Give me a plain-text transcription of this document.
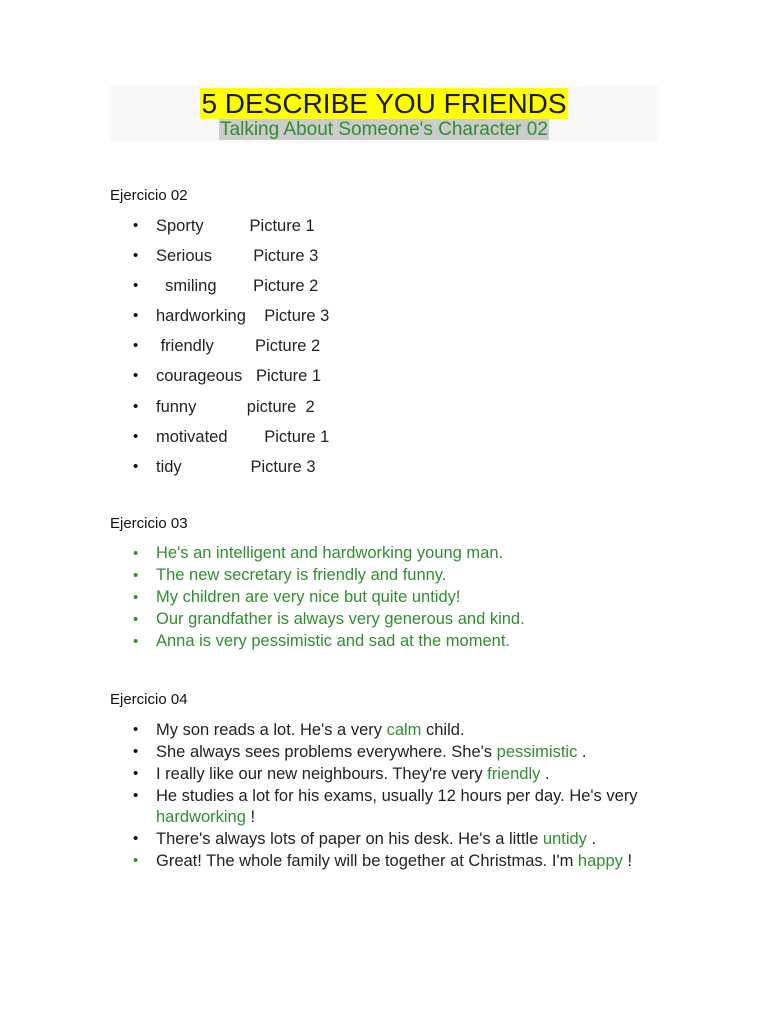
5 DESCRIBE YOU FRIENDS
Talking About Someone's Character 02
Ejercicio 02
• Sporty          Picture 1
• Serious         Picture 3
•   smiling        Picture 2
• hardworking    Picture 3
•  friendly         Picture 2
• courageous   Picture 1
• funny           picture  2
• motivated        Picture 1
• tidy               Picture 3
Ejercicio 03
• He's an intelligent and hardworking young man.
• The new secretary is friendly and funny.
• My children are very nice but quite untidy!
• Our grandfather is always very generous and kind.
• Anna is very pessimistic and sad at the moment.
Ejercicio 04
• My son reads a lot. He's a very calm child.
• She always sees problems everywhere. She's pessimistic .
• I really like our new neighbours. They're very friendly .
• He studies a lot for his exams, usually 12 hours per day. He's very hardworking !
• There's always lots of paper on his desk. He's a little untidy .
• Great! The whole family will be together at Christmas. I'm happy !
